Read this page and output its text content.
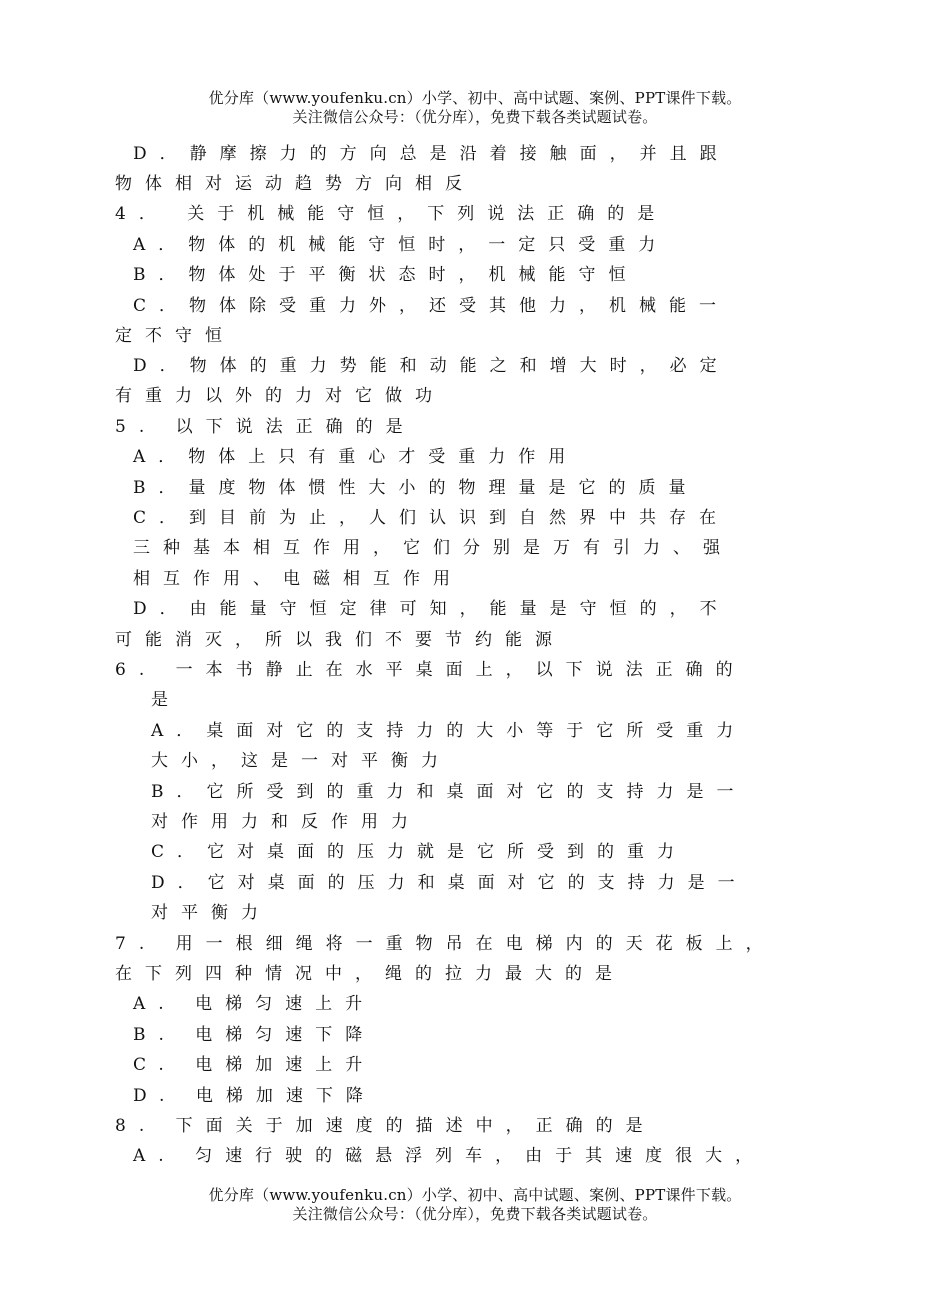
优分库（www.youfenku.cn）小学、初中、高中试题、案例、PPT课件下载。
关注微信公众号：（优分库），免费下载各类试题试卷。
D．静摩擦力的方向总是沿着接触面，并且跟
物体相对运动趋势方向相反
4． 关于机械能守恒，下列说法正确的是
A．物体的机械能守恒时，一定只受重力
B．物体处于平衡状态时，机械能守恒
C．物体除受重力外，还受其他力，机械能一
定不守恒
D．物体的重力势能和动能之和增大时，必定
有重力以外的力对它做功
5. 以下说法正确的是
A．物体上只有重心才受重力作用
B．量度物体惯性大小的物理量是它的质量
C．到目前为止，人们认识到自然界中共存在
三种基本相互作用，它们分别是万有引力、强
相互作用、电磁相互作用
D．由能量守恒定律可知，能量是守恒的，不
可能消灭，所以我们不要节约能源
6. 一本书静止在水平桌面上，以下说法正确的
是
A．桌面对它的支持力的大小等于它所受重力
大小，这是一对平衡力
B．它所受到的重力和桌面对它的支持力是一
对作用力和反作用力
C．它对桌面的压力就是它所受到的重力
D．它对桌面的压力和桌面对它的支持力是一
对平衡力
7. 用一根细绳将一重物吊在电梯内的天花板上，
在下列四种情况中，绳的拉力最大的是
A. 电梯匀速上升
B. 电梯匀速下降
C. 电梯加速上升
D. 电梯加速下降
8. 下面关于加速度的描述中，正确的是
A. 匀速行驶的磁悬浮列车，由于其速度很大，
优分库（www.youfenku.cn）小学、初中、高中试题、案例、PPT课件下载。
关注微信公众号：（优分库），免费下载各类试题试卷。
